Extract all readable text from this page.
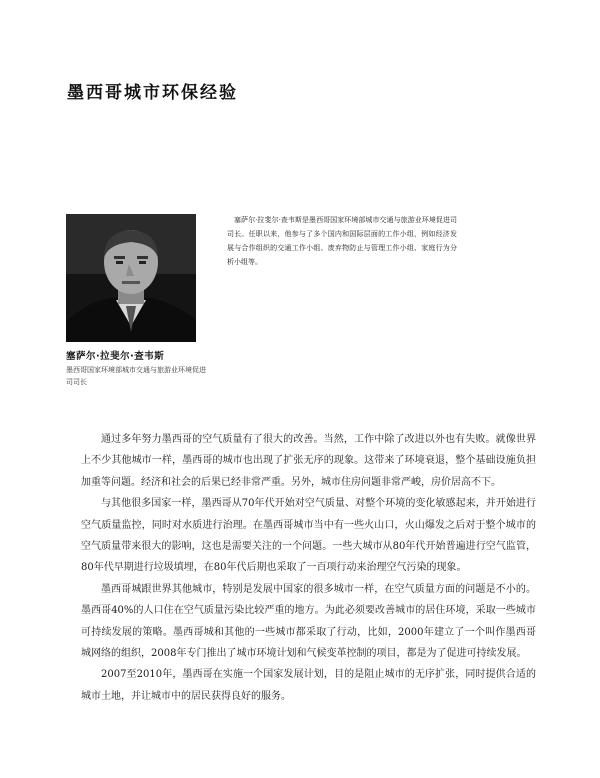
墨西哥城市环保经验

塞萨尔·拉斐尔·查韦斯是墨西哥国家环境部城市交通与旅游业环境促进司司长。任职以来，他参与了多个国内和国际层面的工作小组，例如经济发展与合作组织的交通工作小组、废弃物防止与管理工作小组、家庭行为分析小组等。

塞萨尔·拉斐尔·查韦斯
墨西哥国家环境部城市交通与旅游业环境促进司司长

通过多年努力墨西哥的空气质量有了很大的改善。当然，工作中除了改进以外也有失败。就像世界上不少其他城市一样，墨西哥的城市也出现了扩张无序的现象。这带来了环境衰退，整个基础设施负担加重等问题。经济和社会的后果已经非常严重。另外，城市住房问题非常严峻，房价居高不下。

与其他很多国家一样，墨西哥从70年代开始对空气质量、对整个环境的变化敏感起来，并开始进行空气质量监控，同时对水质进行治理。在墨西哥城市当中有一些火山口，火山爆发之后对于整个城市的空气质量带来很大的影响，这也是需要关注的一个问题。一些大城市从80年代开始普遍进行空气监管，80年代早期进行垃圾填埋，在80年代后期也采取了一百项行动来治理空气污染的现象。

墨西哥城跟世界其他城市，特别是发展中国家的很多城市一样，在空气质量方面的问题是不小的。墨西哥40%的人口住在空气质量污染比较严重的地方。为此必须要改善城市的居住环境，采取一些城市可持续发展的策略。墨西哥城和其他的一些城市都采取了行动，比如，2000年建立了一个叫作墨西哥城网络的组织，2008年专门推出了城市环境计划和气候变革控制的项目，都是为了促进可持续发展。

2007至2010年，墨西哥在实施一个国家发展计划，目的是阻止城市的无序扩张，同时提供合适的城市土地，并让城市中的居民获得良好的服务。
